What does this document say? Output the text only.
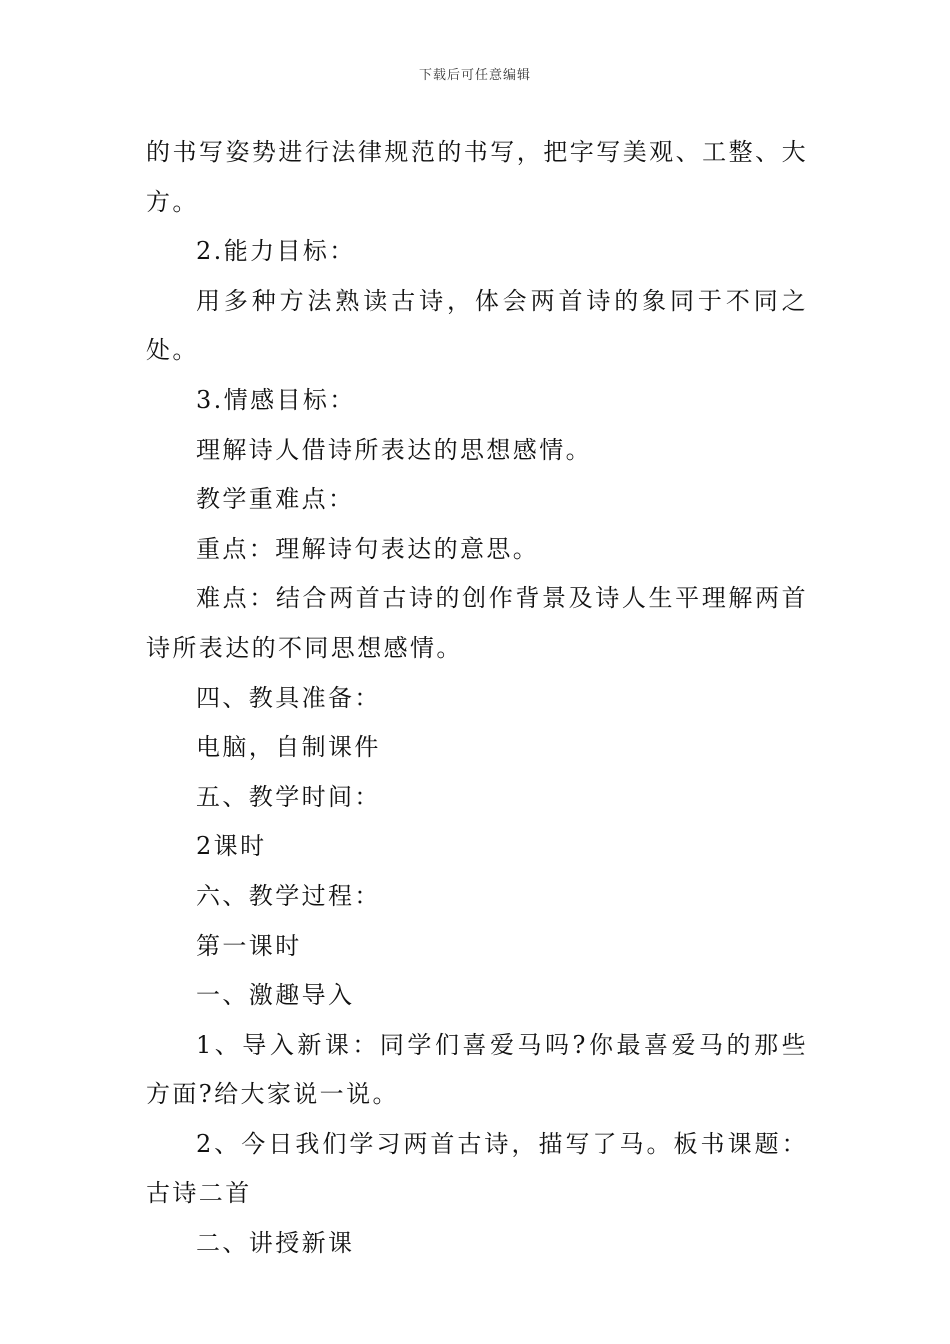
下载后可任意编辑

的书写姿势进行法律规范的书写，把字写美观、工整、大方。

2.能力目标：

用多种方法熟读古诗，体会两首诗的象同于不同之处。

3.情感目标：

理解诗人借诗所表达的思想感情。

教学重难点：

重点：理解诗句表达的意思。

难点：结合两首古诗的创作背景及诗人生平理解两首诗所表达的不同思想感情。

四、教具准备：

电脑，自制课件

五、教学时间：

2课时

六、教学过程：

第一课时

一、激趣导入

1、导入新课：同学们喜爱马吗?你最喜爱马的那些方面?给大家说一说。

2、今日我们学习两首古诗，描写了马。板书课题：古诗二首

二、讲授新课
